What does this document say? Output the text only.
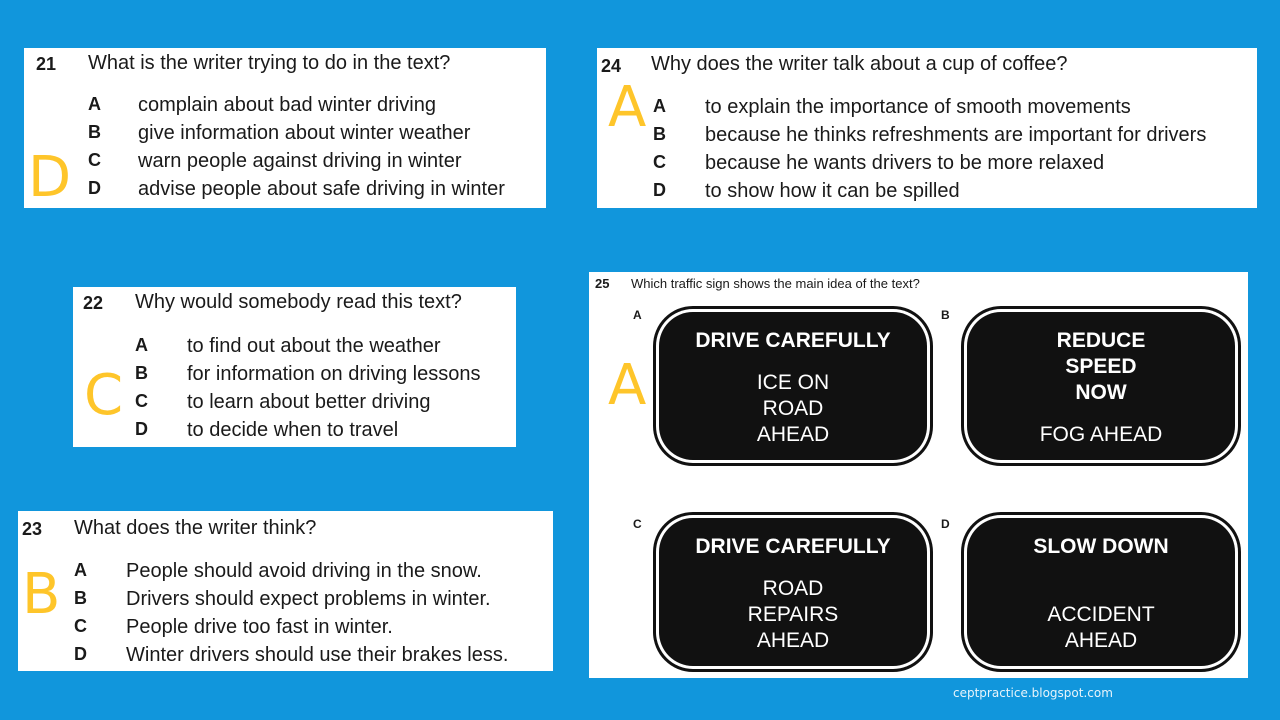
21 What is the writer trying to do in the text?
A complain about bad winter driving
B give information about winter weather
C warn people against driving in winter
D advise people about safe driving in winter
D
22 Why would somebody read this text?
A to find out about the weather
B for information on driving lessons
C to learn about better driving
D to decide when to travel
C
23 What does the writer think?
A People should avoid driving in the snow.
B Drivers should expect problems in winter.
C People drive too fast in winter.
D Winter drivers should use their brakes less.
B
24 Why does the writer talk about a cup of coffee?
A to explain the importance of smooth movements
B because he thinks refreshments are important for drivers
C because he wants drivers to be more relaxed
D to show how it can be spilled
A
25 Which traffic sign shows the main idea of the text?
A
DRIVE CAREFULLY
ICE ON ROAD AHEAD
B
REDUCE SPEED NOW
FOG AHEAD
C
DRIVE CAREFULLY
ROAD REPAIRS AHEAD
D
SLOW DOWN
ACCIDENT AHEAD
A
ceptpractice.blogspot.com
